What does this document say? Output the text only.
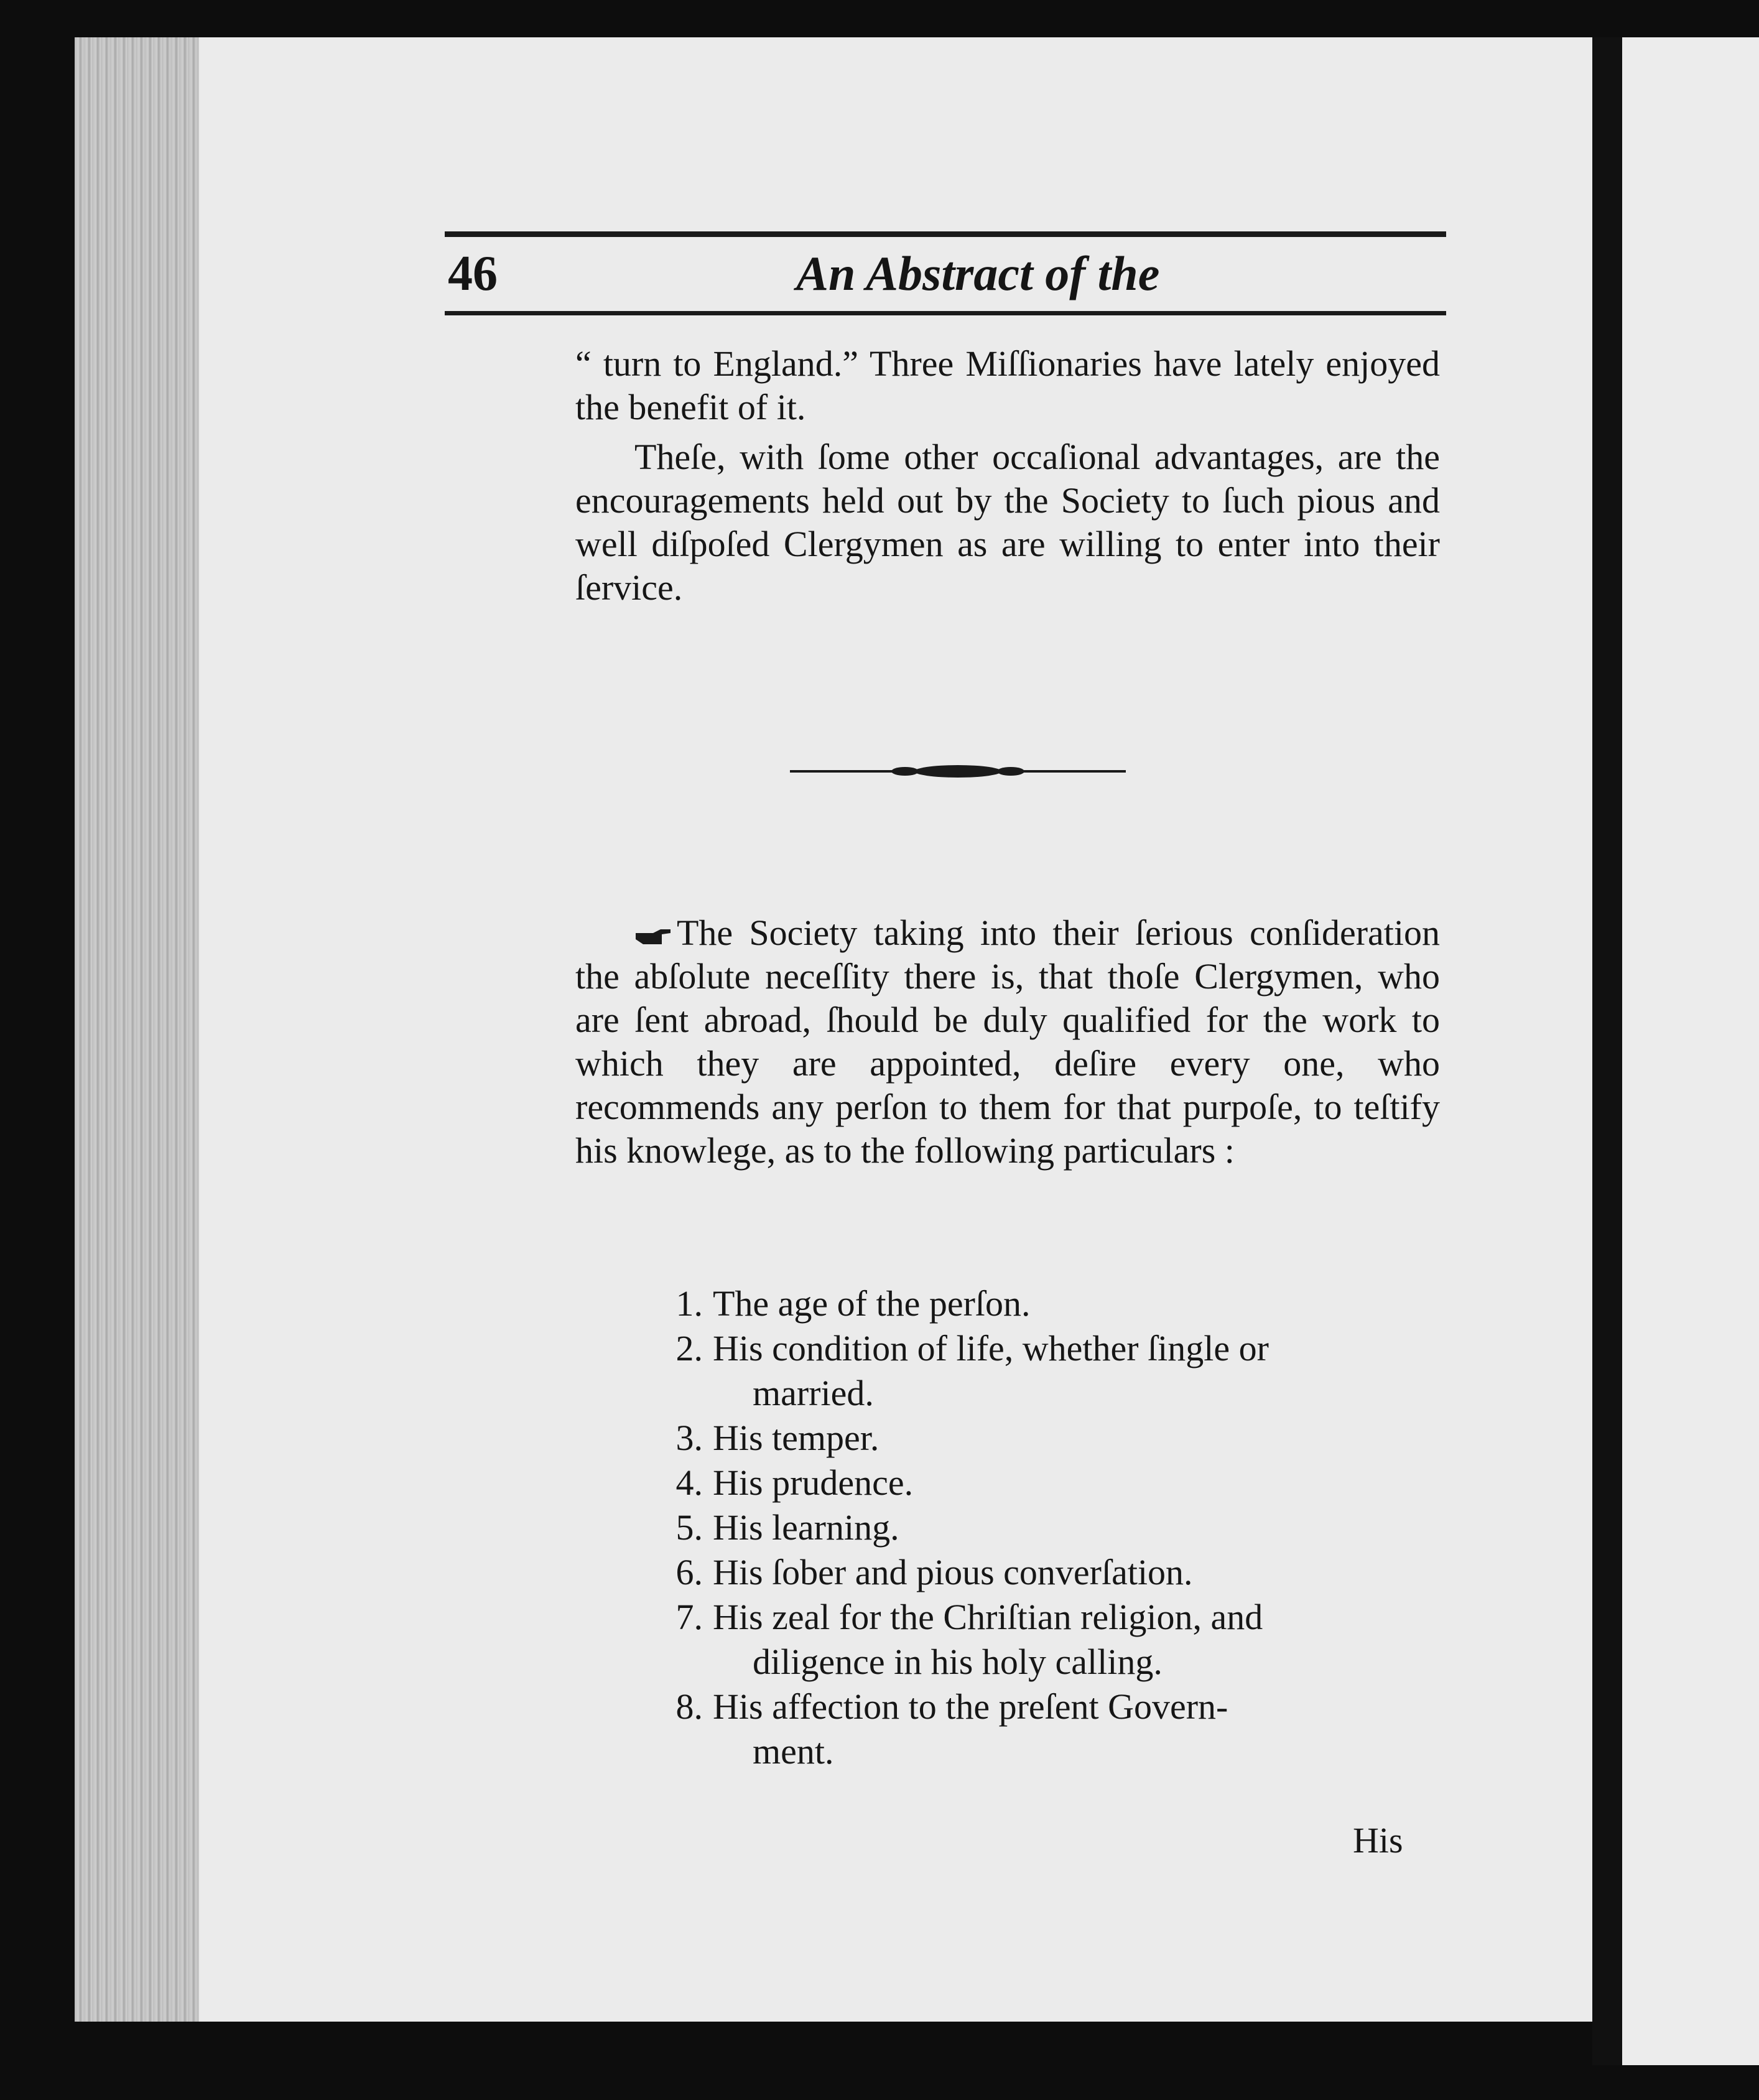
46	An Abstract of the

“ turn to England.” Three Miſſionaries have lately enjoyed the benefit of it.

Theſe, with ſome other occaſional advantages, are the encouragements held out by the Society to ſuch pious and well diſpoſed Clergymen as are willing to enter into their ſervice.

The Society taking into their ſerious conſideration the abſolute neceſſity there is, that thoſe Clergymen, who are ſent abroad, ſhould be duly qualified for the work to which they are appointed, deſire every one, who recommends any perſon to them for that purpoſe, to teſtify his knowlege, as to the following particulars :

1. The age of the perſon.
2. His condition of life, whether ſingle or
married.
3. His temper.
4. His prudence.
5. His learning.
6. His ſober and pious converſation.
7. His zeal for the Chriſtian religion, and
diligence in his holy calling.
8. His affection to the preſent Govern-
ment.
His
